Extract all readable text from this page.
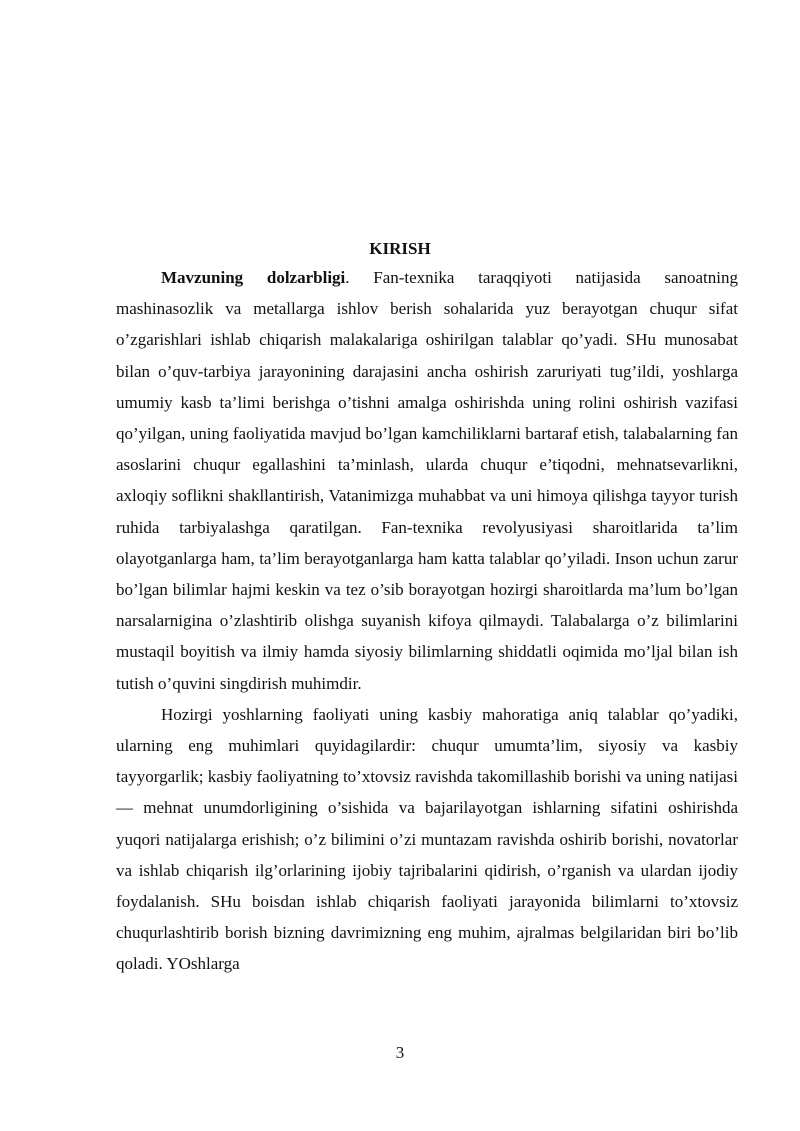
KIRISH

Mavzuning dolzarbligi. Fan-texnika taraqqiyoti natijasida sanoatning mashinasozlik va metallarga ishlov berish sohalarida yuz berayotgan chuqur sifat o’zgarishlari ishlab chiqarish malakalariga oshirilgan talablar qo’yadi. SHu munosabat bilan o’quv-tarbiya jarayonining darajasini ancha oshirish zaruriyati tug’ildi, yoshlarga umumiy kasb ta’limi berishga o’tishni amalga oshirishda uning rolini oshirish vazifasi qo’yilgan, uning faoliyatida mavjud bo’lgan kamchiliklarni bartaraf etish, talabalarning fan asoslarini chuqur egallashini ta’minlash, ularda chuqur e’tiqodni, mehnatsevarlikni, axloqiy soflikni shakllantirish, Vatanimizga muhabbat va uni himoya qilishga tayyor turish ruhida tarbiyalashga qaratilgan. Fan-texnika revolyusiyasi sharoitlarida ta’lim olayotganlarga ham, ta’lim berayotganlarga ham katta talablar qo’yiladi. Inson uchun zarur bo’lgan bilimlar hajmi keskin va tez o’sib borayotgan hozirgi sharoitlarda ma’lum bo’lgan narsalarnigina o’zlashtirib olishga suyanish kifoya qilmaydi. Talabalarga o’z bilimlarini mustaqil boyitish va ilmiy hamda siyosiy bilimlarning shiddatli oqimida mo’ljal bilan ish tutish o’quvini singdirish muhimdir.

Hozirgi yoshlarning faoliyati uning kasbiy mahoratiga aniq talablar qo’yadiki, ularning eng muhimlari quyidagilardir: chuqur umumta’lim, siyosiy va kasbiy tayyorgarlik; kasbiy faoliyatning to’xtovsiz ravishda takomillashib borishi va uning natijasi — mehnat unumdorligining o’sishida va bajarilayotgan ishlarning sifatini oshirishda yuqori natijalarga erishish; o’z bilimini o’zi muntazam ravishda oshirib borishi, novatorlar va ishlab chiqarish ilg’orlarining ijobiy tajribalarini qidirish, o’rganish va ulardan ijodiy foydalanish. SHu boisdan ishlab chiqarish faoliyati jarayonida bilimlarni to’xtovsiz chuqurlashtirib borish bizning davrimizning eng muhim, ajralmas belgilaridan biri bo’lib qoladi. YOshlarga

3
